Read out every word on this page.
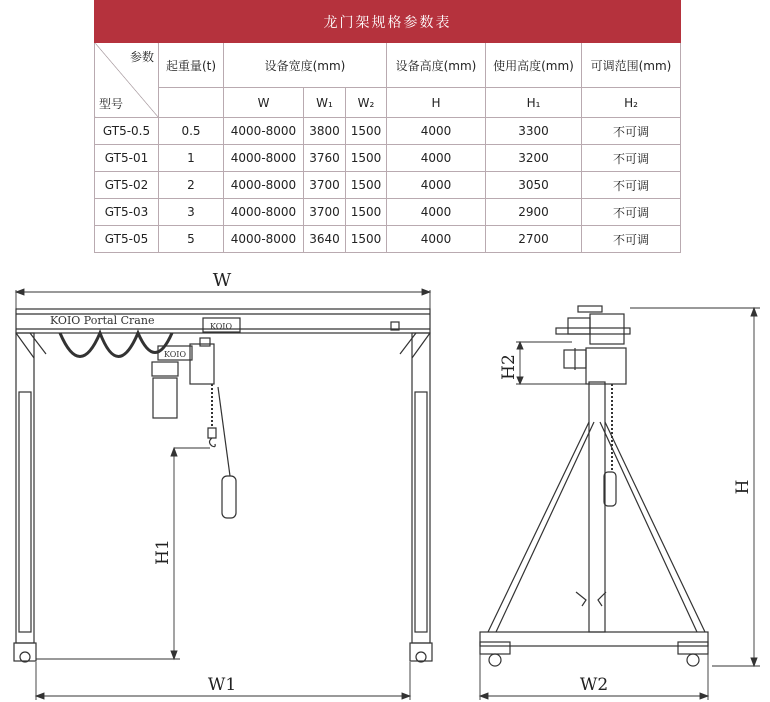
龙门架规格参数表							

参数
型号	起重量(t)	设备宽度(mm)			设备高度(mm)	使用高度(mm)	可调范围(mm)
		W	W₁	W₂	H	H₁	H₂
GT5-0.5	0.5	4000-8000	3800	1500	4000	3300	不可调
GT5-01	1	4000-8000	3760	1500	4000	3200	不可调
GT5-02	2	4000-8000	3700	1500	4000	3050	不可调
GT5-03	3	4000-8000	3700	1500	4000	2900	不可调
GT5-05	5	4000-8000	3640	1500	4000	2700	不可调
W
KOIO Portal Crane	KOIO
KOIO
H1
W1
H2
H
W2
